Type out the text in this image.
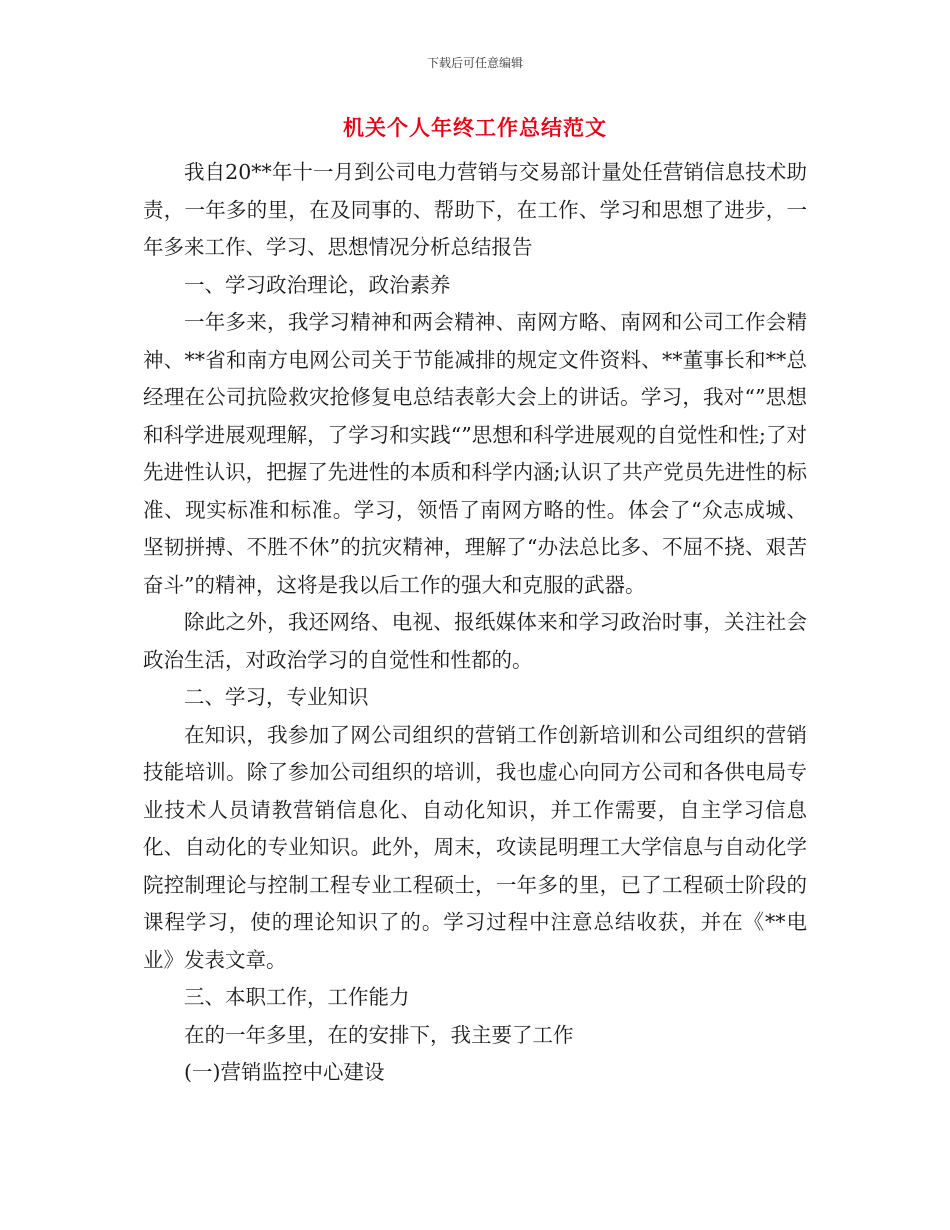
下载后可任意编辑
机关个人年终工作总结范文

我自20**年十一月到公司电力营销与交易部计量处任营销信息技术助责，一年多的里，在及同事的、帮助下，在工作、学习和思想了进步，一年多来工作、学习、思想情况分析总结报告

一、学习政治理论，政治素养

一年多来，我学习精神和两会精神、南网方略、南网和公司工作会精神、**省和南方电网公司关于节能减排的规定文件资料、**董事长和**总经理在公司抗险救灾抢修复电总结表彰大会上的讲话。学习，我对“”思想和科学进展观理解，了学习和实践“”思想和科学进展观的自觉性和性;了对先进性认识，把握了先进性的本质和科学内涵;认识了共产党员先进性的标准、现实标准和标准。学习，领悟了南网方略的性。体会了“众志成城、坚韧拼搏、不胜不休”的抗灾精神，理解了“办法总比多、不屈不挠、艰苦奋斗”的精神，这将是我以后工作的强大和克服的武器。

除此之外，我还网络、电视、报纸媒体来和学习政治时事，关注社会政治生活，对政治学习的自觉性和性都的。

二、学习，专业知识

在知识，我参加了网公司组织的营销工作创新培训和公司组织的营销技能培训。除了参加公司组织的培训，我也虚心向同方公司和各供电局专业技术人员请教营销信息化、自动化知识，并工作需要，自主学习信息化、自动化的专业知识。此外，周末，攻读昆明理工大学信息与自动化学院控制理论与控制工程专业工程硕士，一年多的里，已了工程硕士阶段的课程学习，使的理论知识了的。学习过程中注意总结收获，并在《**电业》发表文章。

三、本职工作，工作能力

在的一年多里，在的安排下，我主要了工作

(一)营销监控中心建设
